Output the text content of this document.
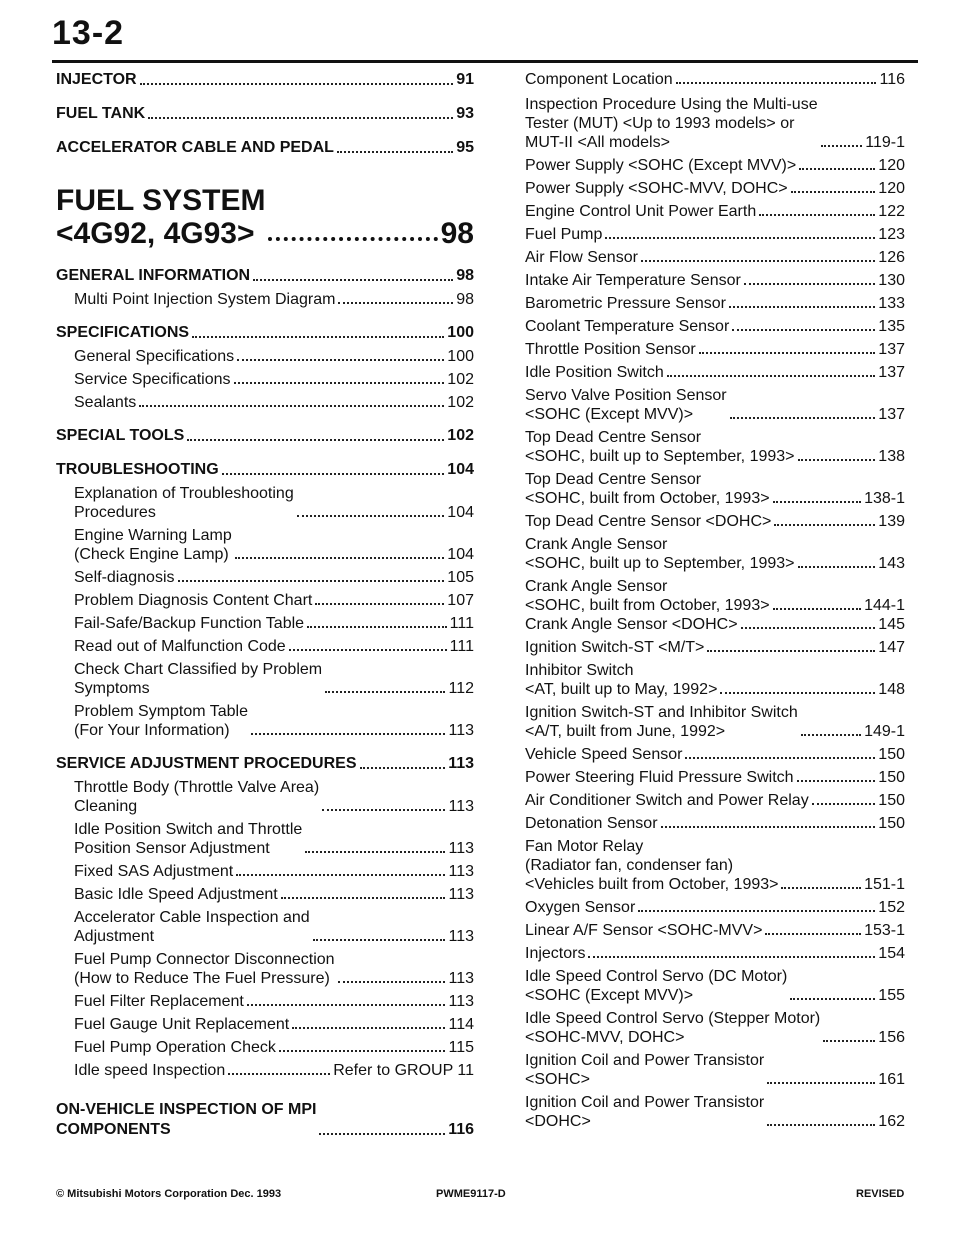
13-2
INJECTOR	91
FUEL TANK	93
ACCELERATOR CABLE AND PEDAL	95
FUEL SYSTEM
<4G92, 4G93>	98
GENERAL INFORMATION	98
Multi Point Injection System Diagram	98
SPECIFICATIONS	100
General Specifications	100
Service Specifications	102
Sealants	102
SPECIAL TOOLS	102
TROUBLESHOOTING	104
Explanation of Troubleshooting
Procedures	104
Engine Warning Lamp
(Check Engine Lamp)	104
Self-diagnosis	105
Problem Diagnosis Content Chart	107
Fail-Safe/Backup Function Table	111
Read out of Malfunction Code	111
Check Chart Classified by Problem
Symptoms	112
Problem Symptom Table
(For Your Information)	113
SERVICE ADJUSTMENT PROCEDURES	113
Throttle Body (Throttle Valve Area)
Cleaning	113
Idle Position Switch and Throttle
Position Sensor Adjustment	113
Fixed SAS Adjustment	113
Basic Idle Speed Adjustment	113
Accelerator Cable Inspection and
Adjustment	113
Fuel Pump Connector Disconnection
(How to Reduce The Fuel Pressure)	113
Fuel Filter Replacement	113
Fuel Gauge Unit Replacement	114
Fuel Pump Operation Check	115
Idle speed Inspection	Refer to GROUP 11
ON-VEHICLE INSPECTION OF MPI
COMPONENTS	116
Component Location	116
Inspection Procedure Using the Multi-use
Tester (MUT) <Up to 1993 models> or
MUT-II <All models>	119-1
Power Supply <SOHC (Except MVV)>	120
Power Supply <SOHC-MVV, DOHC>	120
Engine Control Unit Power Earth	122
Fuel Pump	123
Air Flow Sensor	126
Intake Air Temperature Sensor	130
Barometric Pressure Sensor	133
Coolant Temperature Sensor	135
Throttle Position Sensor	137
Idle Position Switch	137
Servo Valve Position Sensor
<SOHC (Except MVV)>	137
Top Dead Centre Sensor
<SOHC, built up to September, 1993>	138
Top Dead Centre Sensor
<SOHC, built from October, 1993>	138-1
Top Dead Centre Sensor <DOHC>	139
Crank Angle Sensor
<SOHC, built up to September, 1993>	143
Crank Angle Sensor
<SOHC, built from October, 1993>	144-1
Crank Angle Sensor <DOHC>	145
Ignition Switch-ST <M/T>	147
Inhibitor Switch
<AT, built up to May, 1992>	148
Ignition Switch-ST and Inhibitor Switch
<A/T, built from June, 1992>	149-1
Vehicle Speed Sensor	150
Power Steering Fluid Pressure Switch	150
Air Conditioner Switch and Power Relay	150
Detonation Sensor	150
Fan Motor Relay
(Radiator fan, condenser fan)
<Vehicles built from October, 1993>	151-1
Oxygen Sensor	152
Linear A/F Sensor <SOHC-MVV>	153-1
Injectors	154
Idle Speed Control Servo (DC Motor)
<SOHC (Except MVV)>	155
Idle Speed Control Servo (Stepper Motor)
<SOHC-MVV, DOHC>	156
Ignition Coil and Power Transistor
<SOHC>	161
Ignition Coil and Power Transistor
<DOHC>	162
© Mitsubishi Motors Corporation Dec. 1993	PWME9117-D	REVISED
